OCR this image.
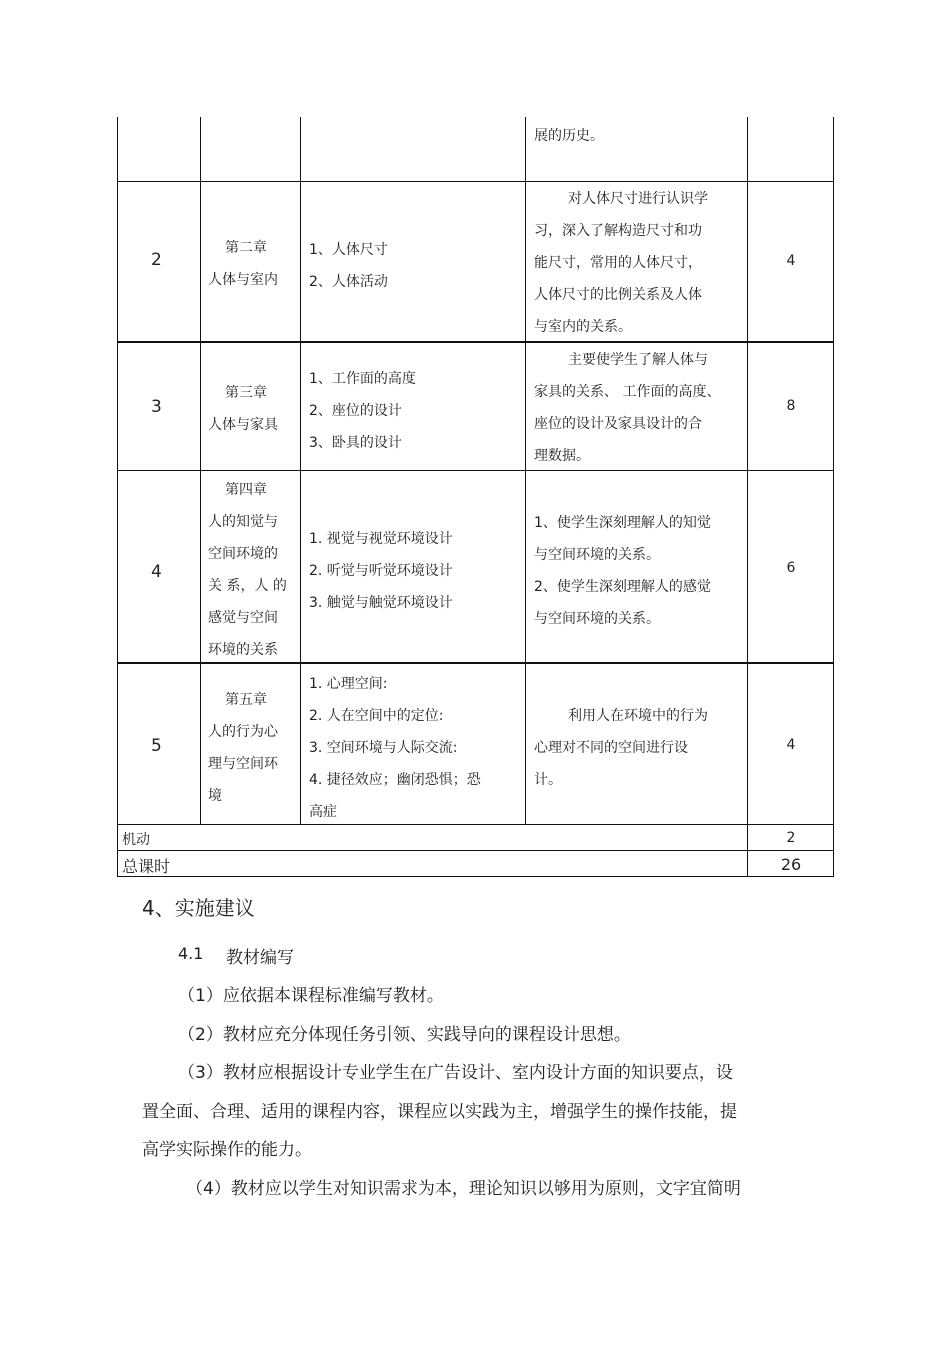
展的历史。
2
第二章
人体与室内
1、人体尺寸
2、人体活动
对人体尺寸进行认识学
习，深入了解构造尺寸和功
能尺寸，常用的人体尺寸，
人体尺寸的比例关系及人体
与室内的关系。
4
3
第三章
人体与家具
1、工作面的高度
2、座位的设计
3、卧具的设计
主要使学生了解人体与
家具的关系、 工作面的高度、
座位的设计及家具设计的合
理数据。
8
4
第四章
人的知觉与
空间环境的
关 系，人 的
感觉与空间
环境的关系
1. 视觉与视觉环境设计
2. 听觉与听觉环境设计
3. 触觉与触觉环境设计
1、使学生深刻理解人的知觉
与空间环境的关系。
2、使学生深刻理解人的感觉
与空间环境的关系。
6
5
第五章
人的行为心
理与空间环
境
1. 心理空间:
2. 人在空间中的定位:
3. 空间环境与人际交流:
4. 捷径效应；幽闭恐惧；恐
高症
利用人在环境中的行为
心理对不同的空间进行设
计。
4
机动	2
总课时	26
4、实施建议
4.1 教材编写
（1）应依据本课程标准编写教材。
（2）教材应充分体现任务引领、实践导向的课程设计思想。
（3）教材应根据设计专业学生在广告设计、室内设计方面的知识要点，设
置全面、合理、适用的课程内容，课程应以实践为主，增强学生的操作技能，提
高学实际操作的能力。
（4）教材应以学生对知识需求为本，理论知识以够用为原则，文字宜简明
